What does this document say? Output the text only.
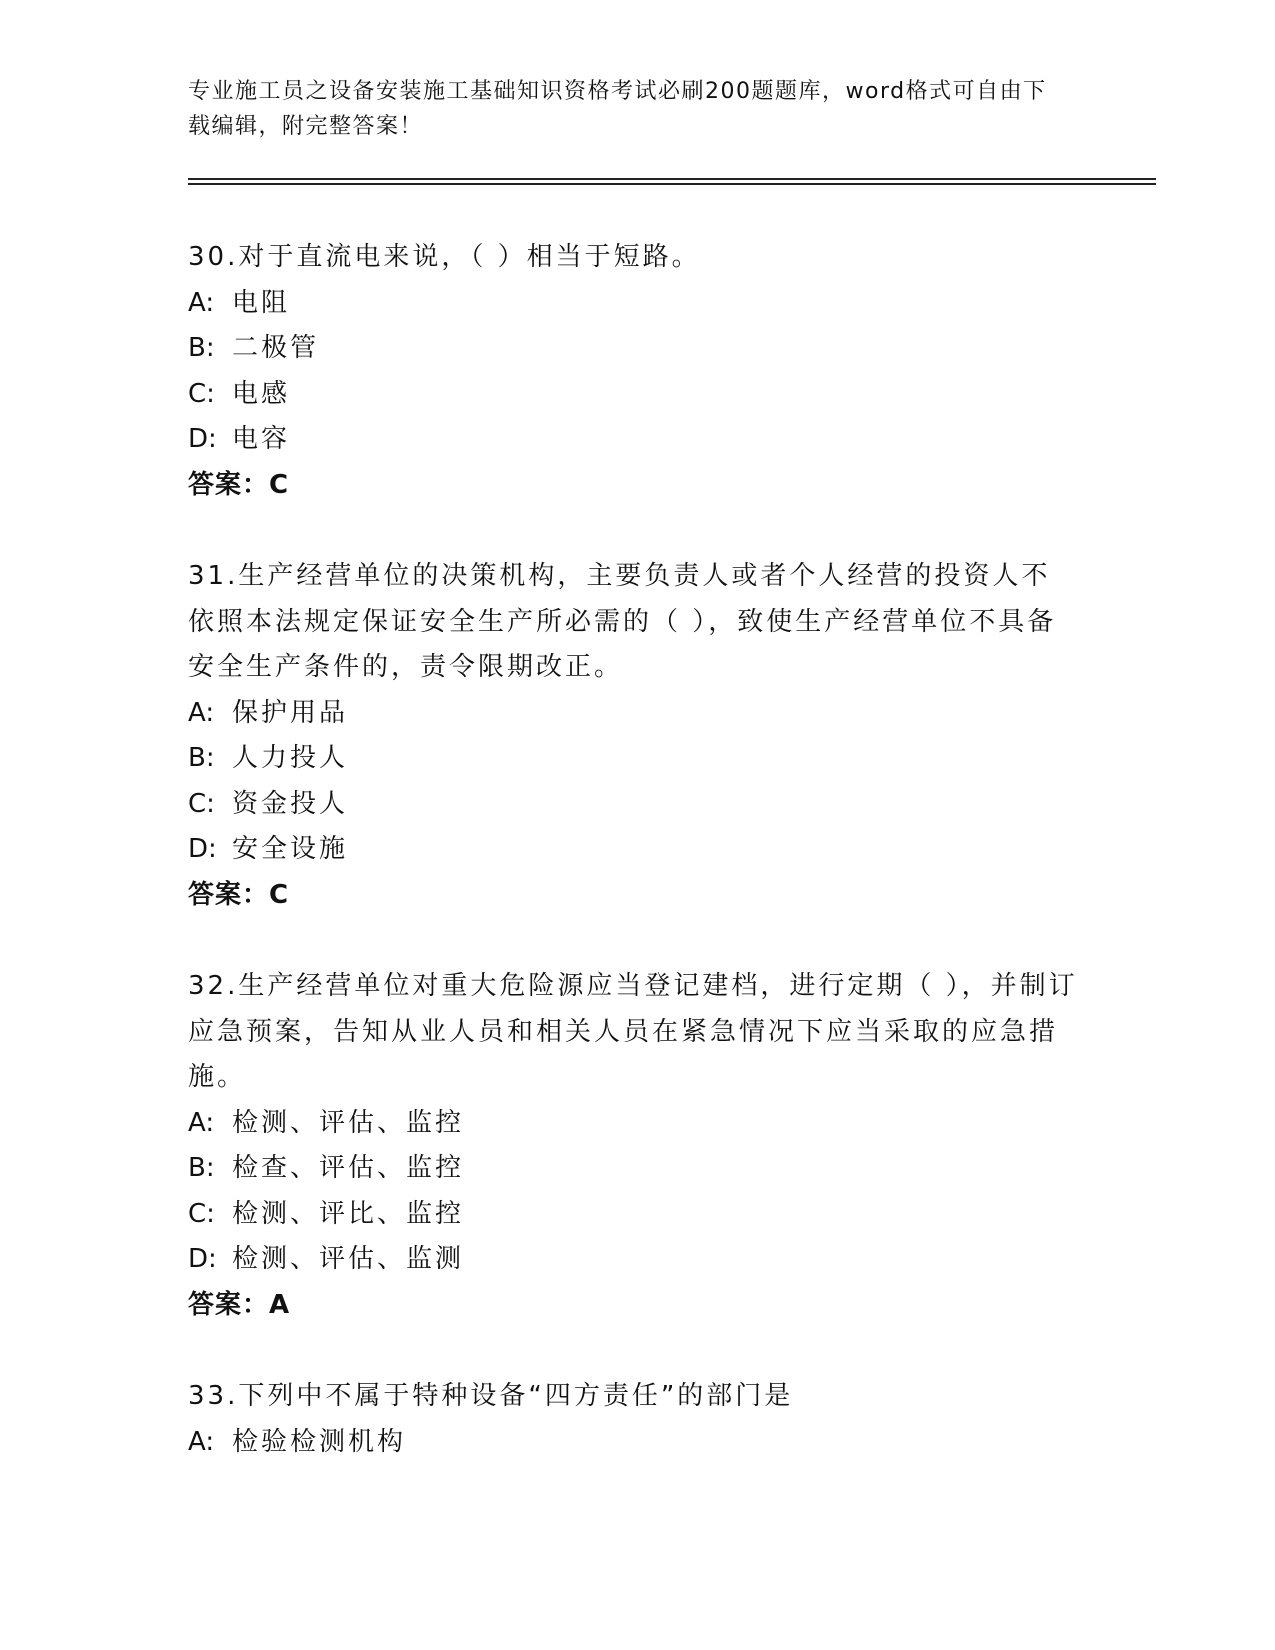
专业施工员之设备安装施工基础知识资格考试必刷200题题库，word格式可自由下载编辑，附完整答案！

30.对于直流电来说，（ ）相当于短路。

A: 电阻

B: 二极管

C: 电感

D: 电容

答案：C

31.生产经营单位的决策机构，主要负责人或者个人经营的投资人不依照本法规定保证安全生产所必需的（ ），致使生产经营单位不具备安全生产条件的，责令限期改正。

A: 保护用品

B: 人力投人

C: 资金投人

D: 安全设施

答案：C

32.生产经营单位对重大危险源应当登记建档，进行定期（ ），并制订应急预案，告知从业人员和相关人员在紧急情况下应当采取的应急措施。

A: 检测、评估、监控

B: 检查、评估、监控

C: 检测、评比、监控

D: 检测、评估、监测

答案：A

33.下列中不属于特种设备“四方责任”的部门是

A: 检验检测机构
